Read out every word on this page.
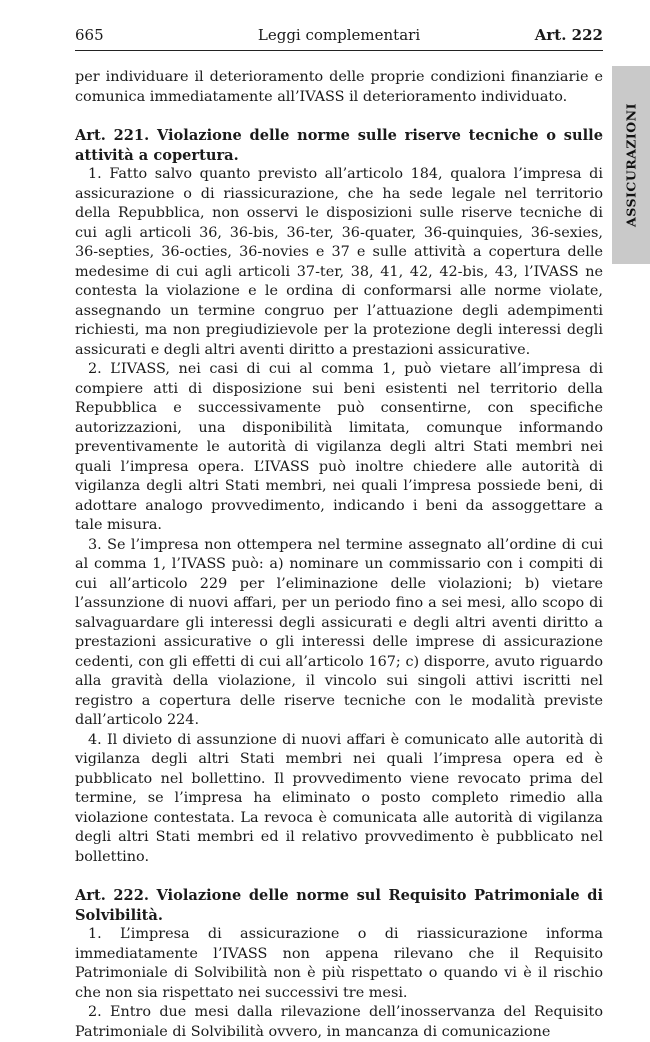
665	Leggi complementari	Art. 222
ASSICURAZIONI

per individuare il deterioramento delle proprie condizioni finanziarie e comunica immediatamente all’IVASS il deterioramento individuato.

Art. 221. Violazione delle norme sulle riserve tecniche o sulle attività a copertura.

1. Fatto salvo quanto previsto all’articolo 184, qualora l’impresa di assicurazione o di riassicurazione, che ha sede legale nel territorio della Repubblica, non osservi le disposizioni sulle riserve tecniche di cui agli articoli 36, 36-bis, 36-ter, 36-quater, 36-quinquies, 36-sexies, 36-septies, 36-octies, 36-novies e 37 e sulle attività a copertura delle medesime di cui agli articoli 37-ter, 38, 41, 42, 42-bis, 43, l’IVASS ne contesta la violazione e le ordina di conformarsi alle norme violate, assegnando un termine congruo per l’attuazione degli adempimenti richiesti, ma non pregiudizievole per la protezione degli interessi degli assicurati e degli altri aventi diritto a prestazioni assicurative.

2. L’IVASS, nei casi di cui al comma 1, può vietare all’impresa di compiere atti di disposizione sui beni esistenti nel territorio della Repubblica e successivamente può consentirne, con specifiche autorizzazioni, una disponibilità limitata, comunque informando preventivamente le autorità di vigilanza degli altri Stati membri nei quali l’impresa opera. L’IVASS può inoltre chiedere alle autorità di vigilanza degli altri Stati membri, nei quali l’impresa possiede beni, di adottare analogo provvedimento, indicando i beni da assoggettare a tale misura.

3. Se l’impresa non ottempera nel termine assegnato all’ordine di cui al comma 1, l’IVASS può: a) nominare un commissario con i compiti di cui all’articolo 229 per l’eliminazione delle violazioni; b) vietare l’assunzione di nuovi affari, per un periodo fino a sei mesi, allo scopo di salvaguardare gli interessi degli assicurati e degli altri aventi diritto a prestazioni assicurative o gli interessi delle imprese di assicurazione cedenti, con gli effetti di cui all’articolo 167; c) disporre, avuto riguardo alla gravità della violazione, il vincolo sui singoli attivi iscritti nel registro a copertura delle riserve tecniche con le modalità previste dall’articolo 224.

4. Il divieto di assunzione di nuovi affari è comunicato alle autorità di vigilanza degli altri Stati membri nei quali l’impresa opera ed è pubblicato nel bollettino. Il provvedimento viene revocato prima del termine, se l’impresa ha eliminato o posto completo rimedio alla violazione contestata. La revoca è comunicata alle autorità di vigilanza degli altri Stati membri ed il relativo provvedimento è pubblicato nel bollettino.

Art. 222. Violazione delle norme sul Requisito Patrimoniale di Solvibilità.

1. L’impresa di assicurazione o di riassicurazione informa immediatamente l’IVASS non appena rilevano che il Requisito Patrimoniale di Solvibilità non è più rispettato o quando vi è il rischio che non sia rispettato nei successivi tre mesi.

2. Entro due mesi dalla rilevazione dell’inosservanza del Requisito Patrimoniale di Solvibilità ovvero, in mancanza di comunicazione
